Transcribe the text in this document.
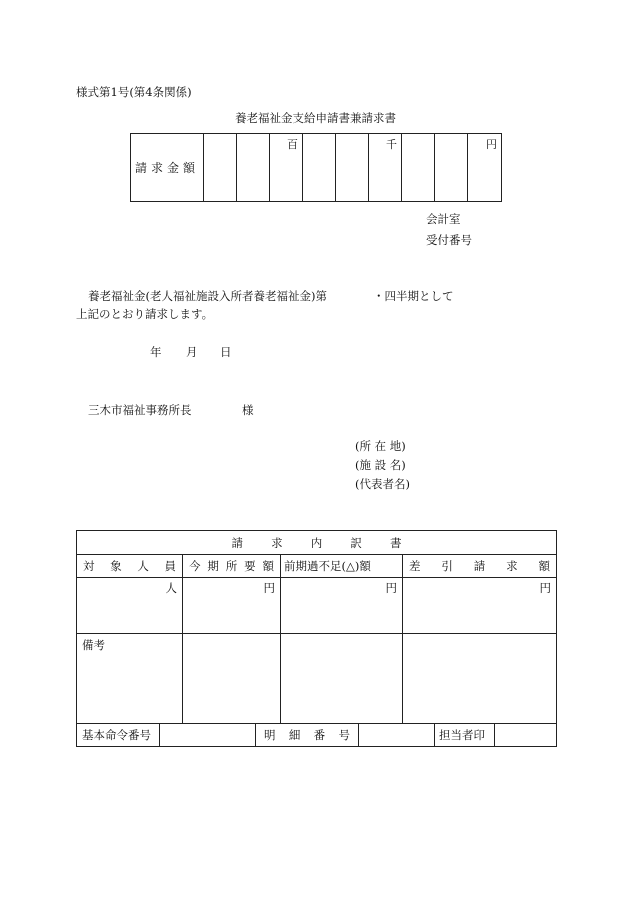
様式第1号(第4条関係)
養老福祉金支給申請書兼請求書
請求金額			百			千			円
会計室
受付番号
養老福祉金(老人福祉施設入所者養老福祉金)第	・四半期として
上記のとおり請求します。
年 月 日
三木市福祉事務所長	様
(所 在 地)
(施 設 名)
(代表者名)
請 求 内 訳 書								

対 象 人 員		今 期 所 要 額		前期過不足(△)額		差 引 請 求 額		

人		円		円		円		
備考								
基本命令番号			明 細 番 号				担当者印	
